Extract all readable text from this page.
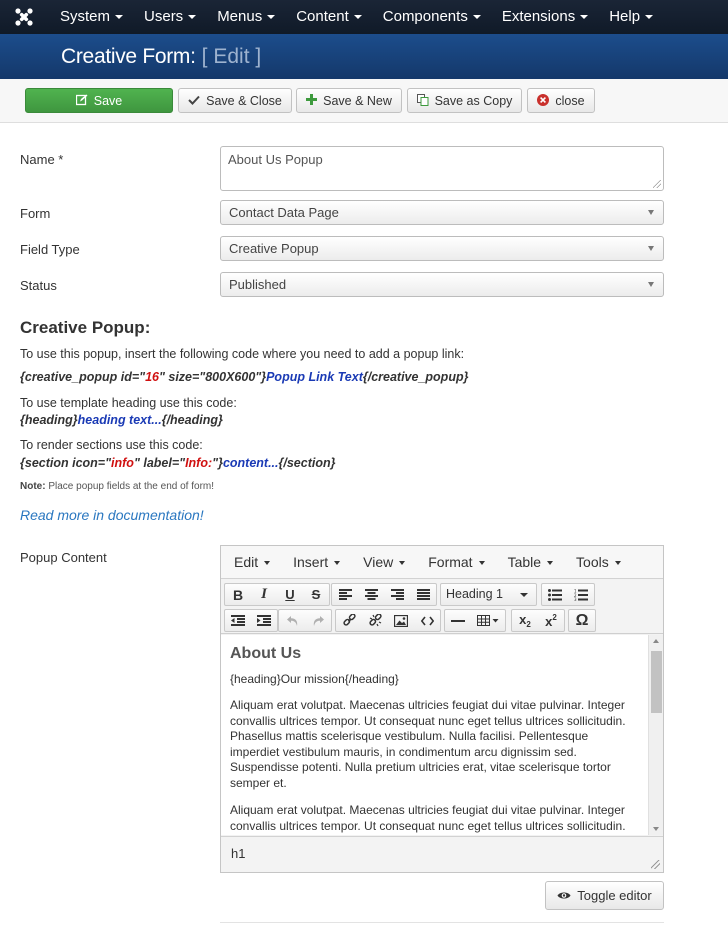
System	Users	Menus	Content	Components	Extensions	Help
Creative Form: [ Edit ]
Save	Save & Close	Save & New	Save as Copy	close
Name *	About Us Popup
Form	Contact Data Page
Field Type	Creative Popup
Status	Published
Creative Popup:
To use this popup, insert the following code where you need to add a popup link:
{creative_popup id="16" size="800X600"}Popup Link Text{/creative_popup}
To use template heading use this code:
{heading}heading text...{/heading}
To render sections use this code:
{section icon="info" label="Info:"}content...{/section}
Note: Place popup fields at the end of form!
Read more in documentation!
Popup Content	Edit	Insert	View	Format	Table	Tools
B I U S	Heading 1	1
2
3
$x_2$ $x^2$ Ω
About Us
{heading}Our mission{/heading}
Aliquam erat volutpat. Maecenas ultricies feugiat dui vitae pulvinar. Integer convallis ultrices tempor. Ut consequat nunc eget tellus ultrices sollicitudin. Phasellus mattis scelerisque vestibulum. Nulla facilisi. Pellentesque imperdiet vestibulum mauris, in condimentum arcu dignissim sed. Suspendisse potenti. Nulla pretium ultricies erat, vitae scelerisque tortor semper et.
Aliquam erat volutpat. Maecenas ultricies feugiat dui vitae pulvinar. Integer convallis ultrices tempor. Ut consequat nunc eget tellus ultrices sollicitudin.
h1
Toggle editor
